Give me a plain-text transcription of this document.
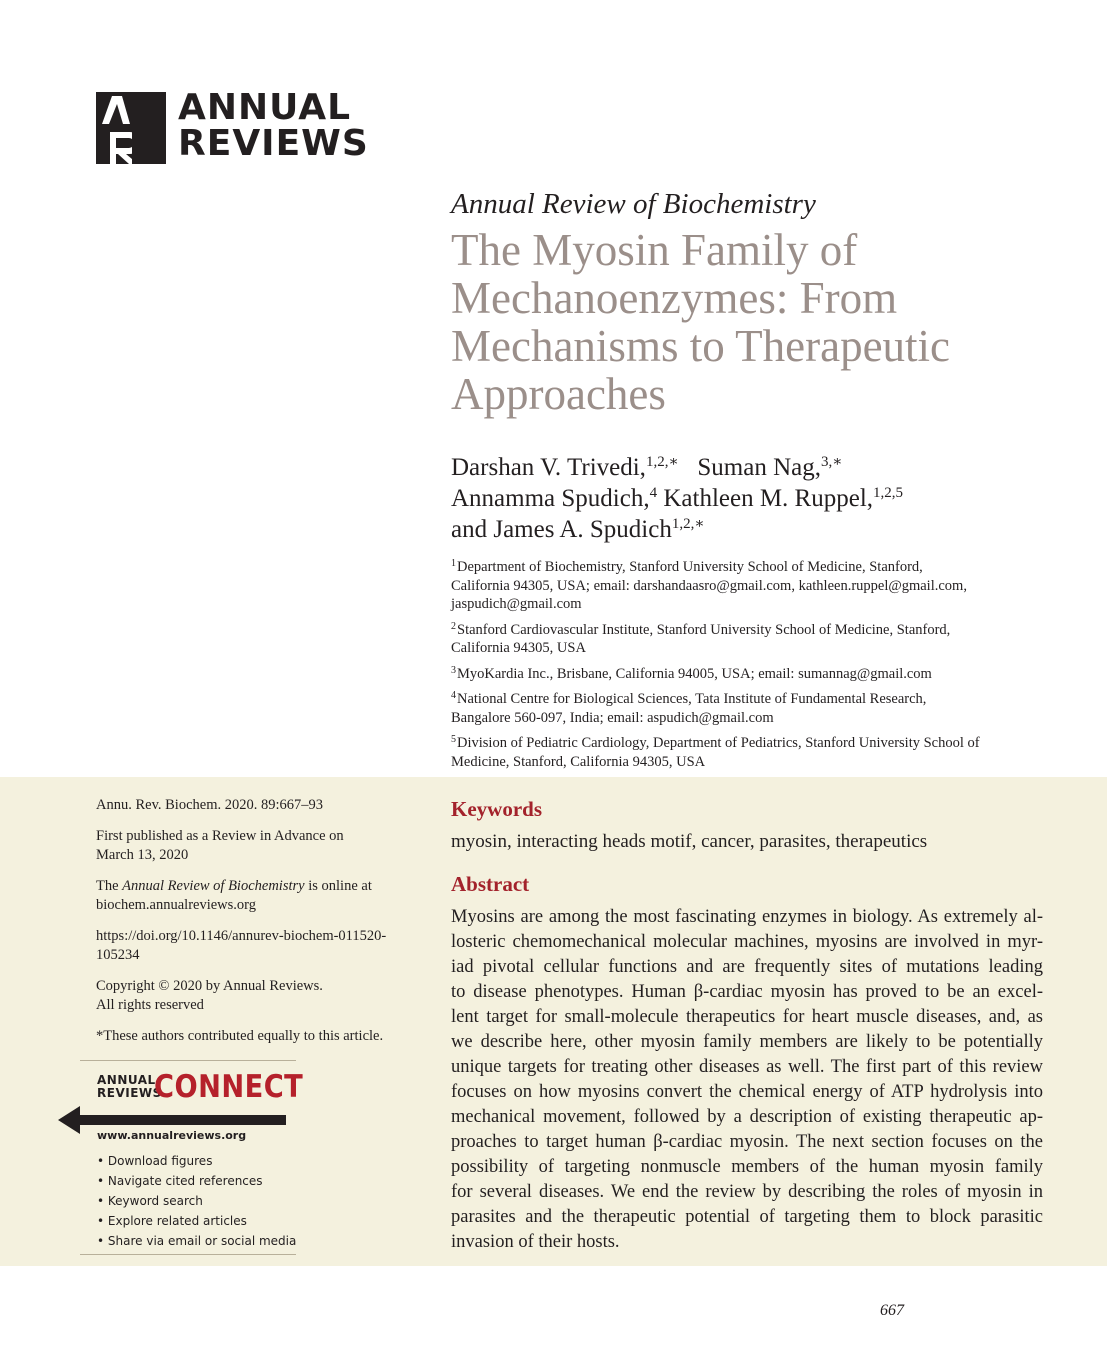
ANNUAL
REVIEWS
Annual Review of Biochemistry
The Myosin Family of
Mechanoenzymes: From
Mechanisms to Therapeutic
Approaches
Darshan V. Trivedi,$^{1,2,∗}$ Suman Nag,$^{3,∗}$
Annamma Spudich,$^4$ Kathleen M. Ruppel,$^{1,2,5}$
and James A. Spudich$^{1,2,∗}$
$^1$Department of Biochemistry, Stanford University School of Medicine, Stanford,
California 94305, USA; email: darshandaasro@gmail.com, kathleen.ruppel@gmail.com,
jaspudich@gmail.com
$^2$Stanford Cardiovascular Institute, Stanford University School of Medicine, Stanford,
California 94305, USA
$^3$MyoKardia Inc., Brisbane, California 94005, USA; email: sumannag@gmail.com
$^4$National Centre for Biological Sciences, Tata Institute of Fundamental Research,
Bangalore 560-097, India; email: aspudich@gmail.com
$^5$Division of Pediatric Cardiology, Department of Pediatrics, Stanford University School of
Medicine, Stanford, California 94305, USA
Annu. Rev. Biochem. 2020. 89:667–93
First published as a Review in Advance on
March 13, 2020
The Annual Review of Biochemistry is online at
biochem.annualreviews.org
https://doi.org/10.1146/annurev-biochem-011520-
105234
Copyright © 2020 by Annual Reviews.
All rights reserved
*These authors contributed equally to this article.
ANNUAL
REVIEWS
CONNECT
www.annualreviews.org
• Download figures
• Navigate cited references
• Keyword search
• Explore related articles
• Share via email or social media
Keywords
myosin, interacting heads motif, cancer, parasites, therapeutics
Abstract
Myosins are among the most fascinating enzymes in biology. As extremely al-
losteric chemomechanical molecular machines, myosins are involved in myr-
iad pivotal cellular functions and are frequently sites of mutations leading
to disease phenotypes. Human β-cardiac myosin has proved to be an excel-
lent target for small-molecule therapeutics for heart muscle diseases, and, as
we describe here, other myosin family members are likely to be potentially
unique targets for treating other diseases as well. The first part of this review
focuses on how myosins convert the chemical energy of ATP hydrolysis into
mechanical movement, followed by a description of existing therapeutic ap-
proaches to target human β-cardiac myosin. The next section focuses on the
possibility of targeting nonmuscle members of the human myosin family
for several diseases. We end the review by describing the roles of myosin in
parasites and the therapeutic potential of targeting them to block parasitic
invasion of their hosts.
667
